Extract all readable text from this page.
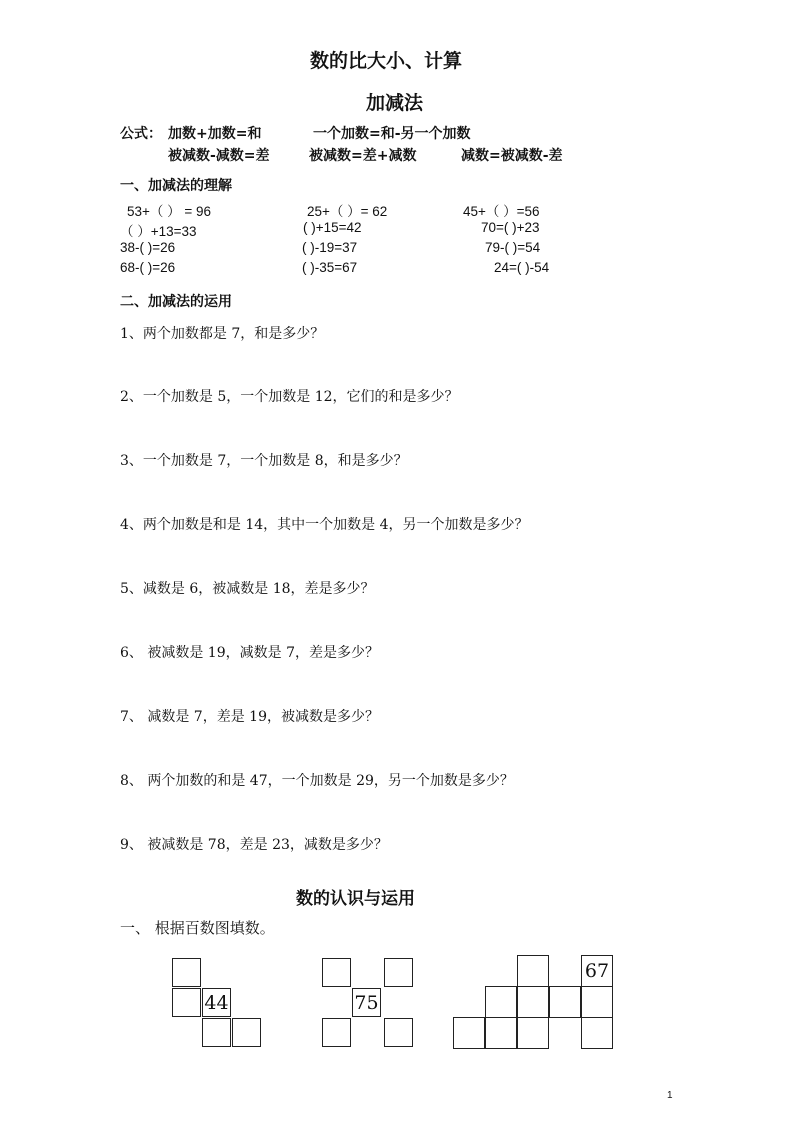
数的比大小、计算
加减法
公式： 加数+加数=和	一个加数=和-另一个加数
被减数-减数=差	被减数=差+减数	减数=被减数-差
一、加减法的理解
53+（ ） = 96	25+（ ）= 62	45+（ ）=56
（ ）+13=33	( )+15=42	70=( )+23
38-( )=26	( )-19=37	79-( )=54
68-( )=26	( )-35=67	24=( )-54
二、加减法的运用
1、两个加数都是 7，和是多少？
2、一个加数是 5，一个加数是 12，它们的和是多少？
3、一个加数是 7，一个加数是 8，和是多少？
4、两个加数是和是 14，其中一个加数是 4，另一个加数是多少？
5、减数是 6，被减数是 18，差是多少？
6、 被减数是 19，减数是 7，差是多少？
7、 减数是 7，差是 19，被减数是多少？
8、 两个加数的和是 47，一个加数是 29，另一个加数是多少？
9、 被减数是 78，差是 23，减数是多少？
数的认识与运用
一、 根据百数图填数。
44	75
67
1
